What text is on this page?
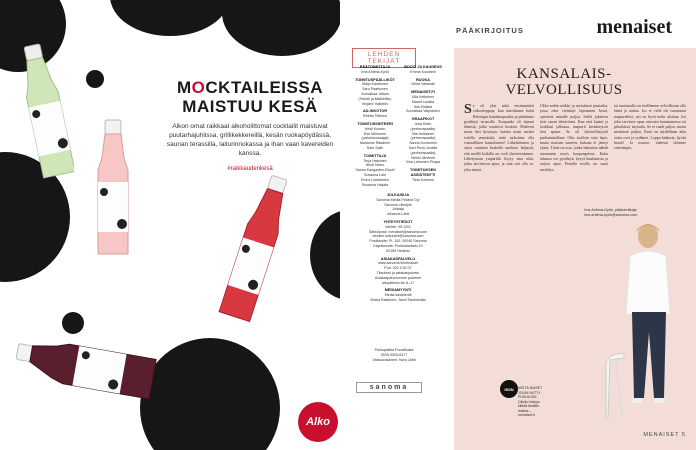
MOCKTAILEISSA
MAISTUU KESÄ

Alkon omat raikkaat alkoholittomat cocktailit maistuvat puutarhajuhlissa, grillikekkereillä, kesän ruokapöydässä, saunan terassilla, laiturinnokassa ja ihan vaan kavereiden kanssa.

#raikkaudenkesä
Alko
LEHDEN TEKIJÄT
PÄÄTOIMITTAJA
Irna Antima-Kyrki
TOIMITUSPÄÄLLIKÖT
Maiju Kanttonen
Saru Paatsonen
Annukkaa Jalava
(Tekstit ja käsikirkilu)
Irinjärvi Valkeliin
AD-INKOTOR
Reetta Tiittinen
TOIMITUSSIHTEERI
Heidi Kuoren
Ese Mühonen
(palvelusosaajat)
Marianne Räsänen
Satu Salin
TOIMITTAJA
Terja Hakunen
Heidi Heino
Sanna Kangasten-Rauhi
Susanna Lain
Emmi Lukkarinen
Susanna Hakala
BOOTI JA KAUNEUS
Emma Kuuntein
RUOKA
Vilma Vallande
MENAISET.FI
Ulla Keltoinen
Maarit Laukka
Iida Sinikka
Annukkaa Valpiainen
GRAAFIKOT
Julia Kettu
(perhevapaalla)
Sila Heikkinen
(perhevapaalla)
Sanna Kondonen
Savi Puuli-Junttila
(perhevapaalla)
Heikki Järvinen
Vina Leinonen-Phapa
TOIMITUKSEN ASSISTENTTI
Tiina Kotrinen
JULKAISIJA
Sanoma Media Finland Oy/
Sanoma Lifestyle
Johtaja
Johanna Lähti
YHTEYSTIEDOT
Vaihde: 09 1201
Sähköposti: menaiset@sanoma.com
etunimi.sukunimi@sanoma.com
Postiosoite: PL 100, 00040 Sanoma
Käyntiosoite: Porkkalankatu 10
00180 Helsinki
ASIAKASPALVELU
www.sanoma.fi/menaiset
Puh. 020 3 50 07
Tilaukset ja asiakaspalvelu
Asiakaspalvelumme palvelee
arkipäivisin klo 8–17
MEDIAMYYNTI
Media assistentti
Sinika Rakkinen, Janni Tammimäki
Painopaikka PunaMusta
ISSN 0505-6377
Vastuunalainen: Nora Lähti
sanoma
PÄÄKIRJOITUS	menaiset
KANSALAIS-
VELVOLLISUUS
Se oli yksi niitä ensimmäisiä viikonloppuja, kun autoilimme kohti Helsingin kantakaupunkia ja päätimme pysähtyä terassille. Kaupunki oli täynnä ihmisiä, jotka nauttivat kesästä. Mieleeni nousi heti kysymys: kuinka moni meistä todella ymmärtää, mitä tarkoittaa olla vastuullinen kansalainen? Liikehtimisen ja arjen rutiinien keskellä unohtuu helposti, että meillä kaikilla on rooli yhteisössämme. Lähetystaan ympäriltä löytyy aina niitä, jotka tarvitsevat apua, ja sinä voit olla se, joka auttaa.
Ukko-sedän mökki ja metsäinen puutarha, jossa olen viettänyt lapsuuteni kesät, opettivat minulle paljon. Siellä jokainen tiesi oman tehtävänsä. Kun setä kaatui ja loukkasi jalkansa, naapurit kerääntyivät heti apuun. Se oli yhteisöllisyyttä parhaimmillaan. Olin tuolloin vain lapsi, mutta muistan tunteen: kukaan ei jäänyt yksin. Tämä on asia, jonka haluaisin nähdä useammin myös kaupungeissa. Kuka tahansa voi pysähtyä, kysyä kuulumisia ja tarjota apua. Pienillä teoilla on suuri merkitys.
tai tasoinnalla on itsellemme velvollisuus olla läsnä ja auttaa. Jos et vielä ole tutustunut naapureihisi, nyt on hyvä hetki aloittaa. Jos joku tarvitsee apua ostosten kantamisessa tai pihatöissä, tarjoudu. Se ei vaadi paljoa, mutta merkitsee paljon. Kesä on täydellinen aika avata ovet ja sydämet. Loppu kaikesta, hyvää kesää! Ja muista: yhdessä olemme vahvempia.
Irna Antima-Kyrki, päätoimittaja
irna.antima-kyrki@sanoma.com
ISSN	MISTÄ NAISET
JOUNI NIITTY
PUHUUVAT:
Olisiko helppo
kiittää tänään
maitoa –
menaiset.fi
MENAISET 5
